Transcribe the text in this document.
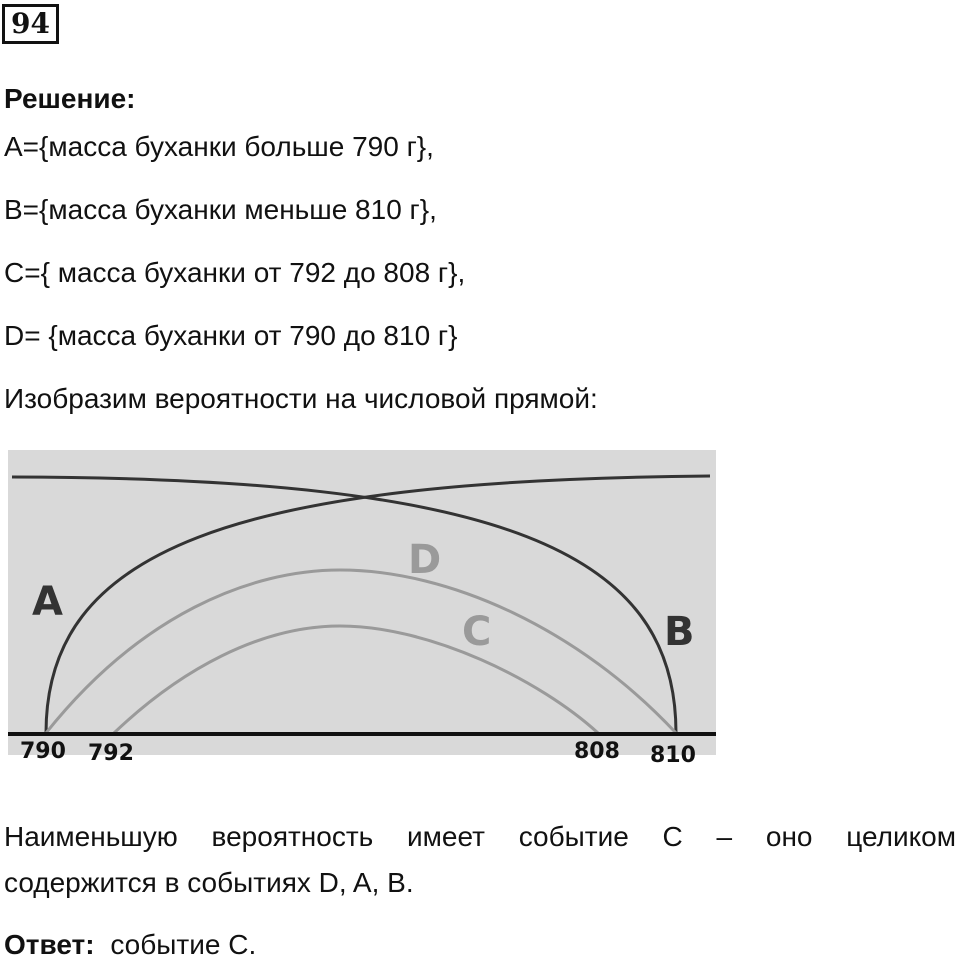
94
Решение:
A={масса буханки больше 790 г},
B={масса буханки меньше 810 г},
C={ масса буханки от 792 до 808 г},
D= {масса буханки от 790 до 810 г}
Изобразим вероятности на числовой прямой:
A
B
D
C
790 792	808 810
Наименьшую вероятность имеет событие C – оно целиком
содержится в событиях D, A, B.
Ответ: событие C.
